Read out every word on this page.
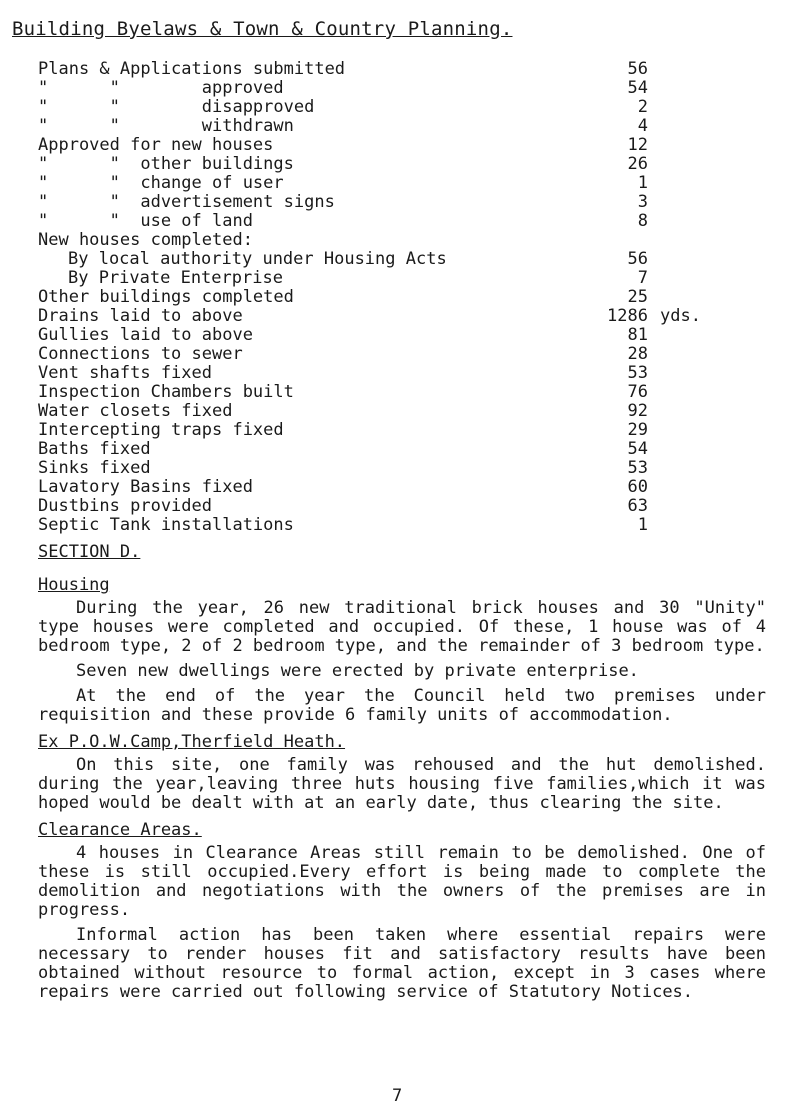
Building Byelaws & Town & Country Planning.
Plans & Applications submitted	56
"      "        approved	54
"      "        disapproved	2
"      "        withdrawn	4
Approved for new houses	12
"      "  other buildings	26
"      "  change of user	1
"      "  advertisement signs	3
"      "  use of land	8
New houses completed:
By local authority under Housing Acts	56
By Private Enterprise	7
Other buildings completed	25
Drains laid to above	1286 yds.
Gullies laid to above	81
Connections to sewer	28
Vent shafts fixed	53
Inspection Chambers built	76
Water closets fixed	92
Intercepting traps fixed	29
Baths fixed	54
Sinks fixed	53
Lavatory Basins fixed	60
Dustbins provided	63
Septic Tank installations	1
SECTION D.
Housing

During the year, 26 new traditional brick houses and 30 "Unity" type houses were completed and occupied. Of these, 1 house was of 4 bedroom type, 2 of 2 bedroom type, and the remainder of 3 bedroom type.

Seven new dwellings were erected by private enterprise.

At the end of the year the Council held two premises under requisition and these provide 6 family units of accommodation.

Ex P.O.W.Camp,Therfield Heath.

On this site, one family was rehoused and the hut demolished. during the year,leaving three huts housing five families,which it was hoped would be dealt with at an early date, thus clearing the site.

Clearance Areas.

4 houses in Clearance Areas still remain to be demolished. One of these is still occupied.Every effort is being made to complete the demolition and negotiations with the owners of the premises are in progress.

Informal action has been taken where essential repairs were necessary to render houses fit and satisfactory results have been obtained without resource to formal action, except in 3 cases where repairs were carried out following service of Statutory Notices.

7
